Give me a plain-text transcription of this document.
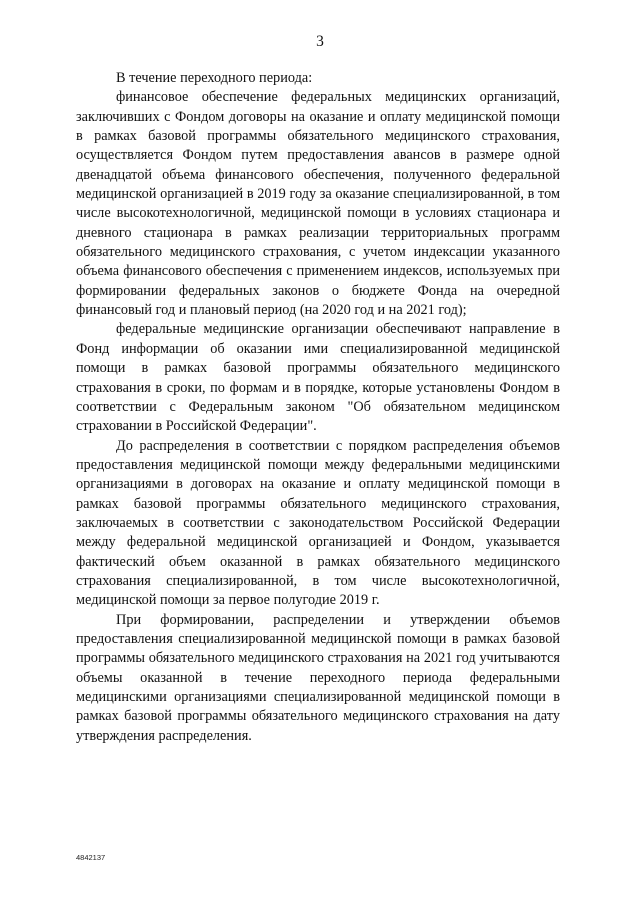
3

В течение переходного периода:

финансовое обеспечение федеральных медицинских организаций, заключивших с Фондом договоры на оказание и оплату медицинской помощи в рамках базовой программы обязательного медицинского страхования, осуществляется Фондом путем предоставления авансов в размере одной двенадцатой объема финансового обеспечения, полученного федеральной медицинской организацией в 2019 году за оказание специализированной, в том числе высокотехнологичной, медицинской помощи в условиях стационара и дневного стационара в рамках реализации территориальных программ обязательного медицинского страхования, с учетом индексации указанного объема финансового обеспечения с применением индексов, используемых при формировании федеральных законов о бюджете Фонда на очередной финансовый год и плановый период (на 2020 год и на 2021 год);

федеральные медицинские организации обеспечивают направление в Фонд информации об оказании ими специализированной медицинской помощи в рамках базовой программы обязательного медицинского страхования в сроки, по формам и в порядке, которые установлены Фондом в соответствии с Федеральным законом "Об обязательном медицинском страховании в Российской Федерации".

До распределения в соответствии с порядком распределения объемов предоставления медицинской помощи между федеральными медицинскими организациями в договорах на оказание и оплату медицинской помощи в рамках базовой программы обязательного медицинского страхования, заключаемых в соответствии с законодательством Российской Федерации между федеральной медицинской организацией и Фондом, указывается фактический объем оказанной в рамках обязательного медицинского страхования специализированной, в том числе высокотехнологичной, медицинской помощи за первое полугодие 2019 г.

При формировании, распределении и утверждении объемов предоставления специализированной медицинской помощи в рамках базовой программы обязательного медицинского страхования на 2021 год учитываются объемы оказанной в течение переходного периода федеральными медицинскими организациями специализированной медицинской помощи в рамках базовой программы обязательного медицинского страхования на дату утверждения распределения.

4842137
